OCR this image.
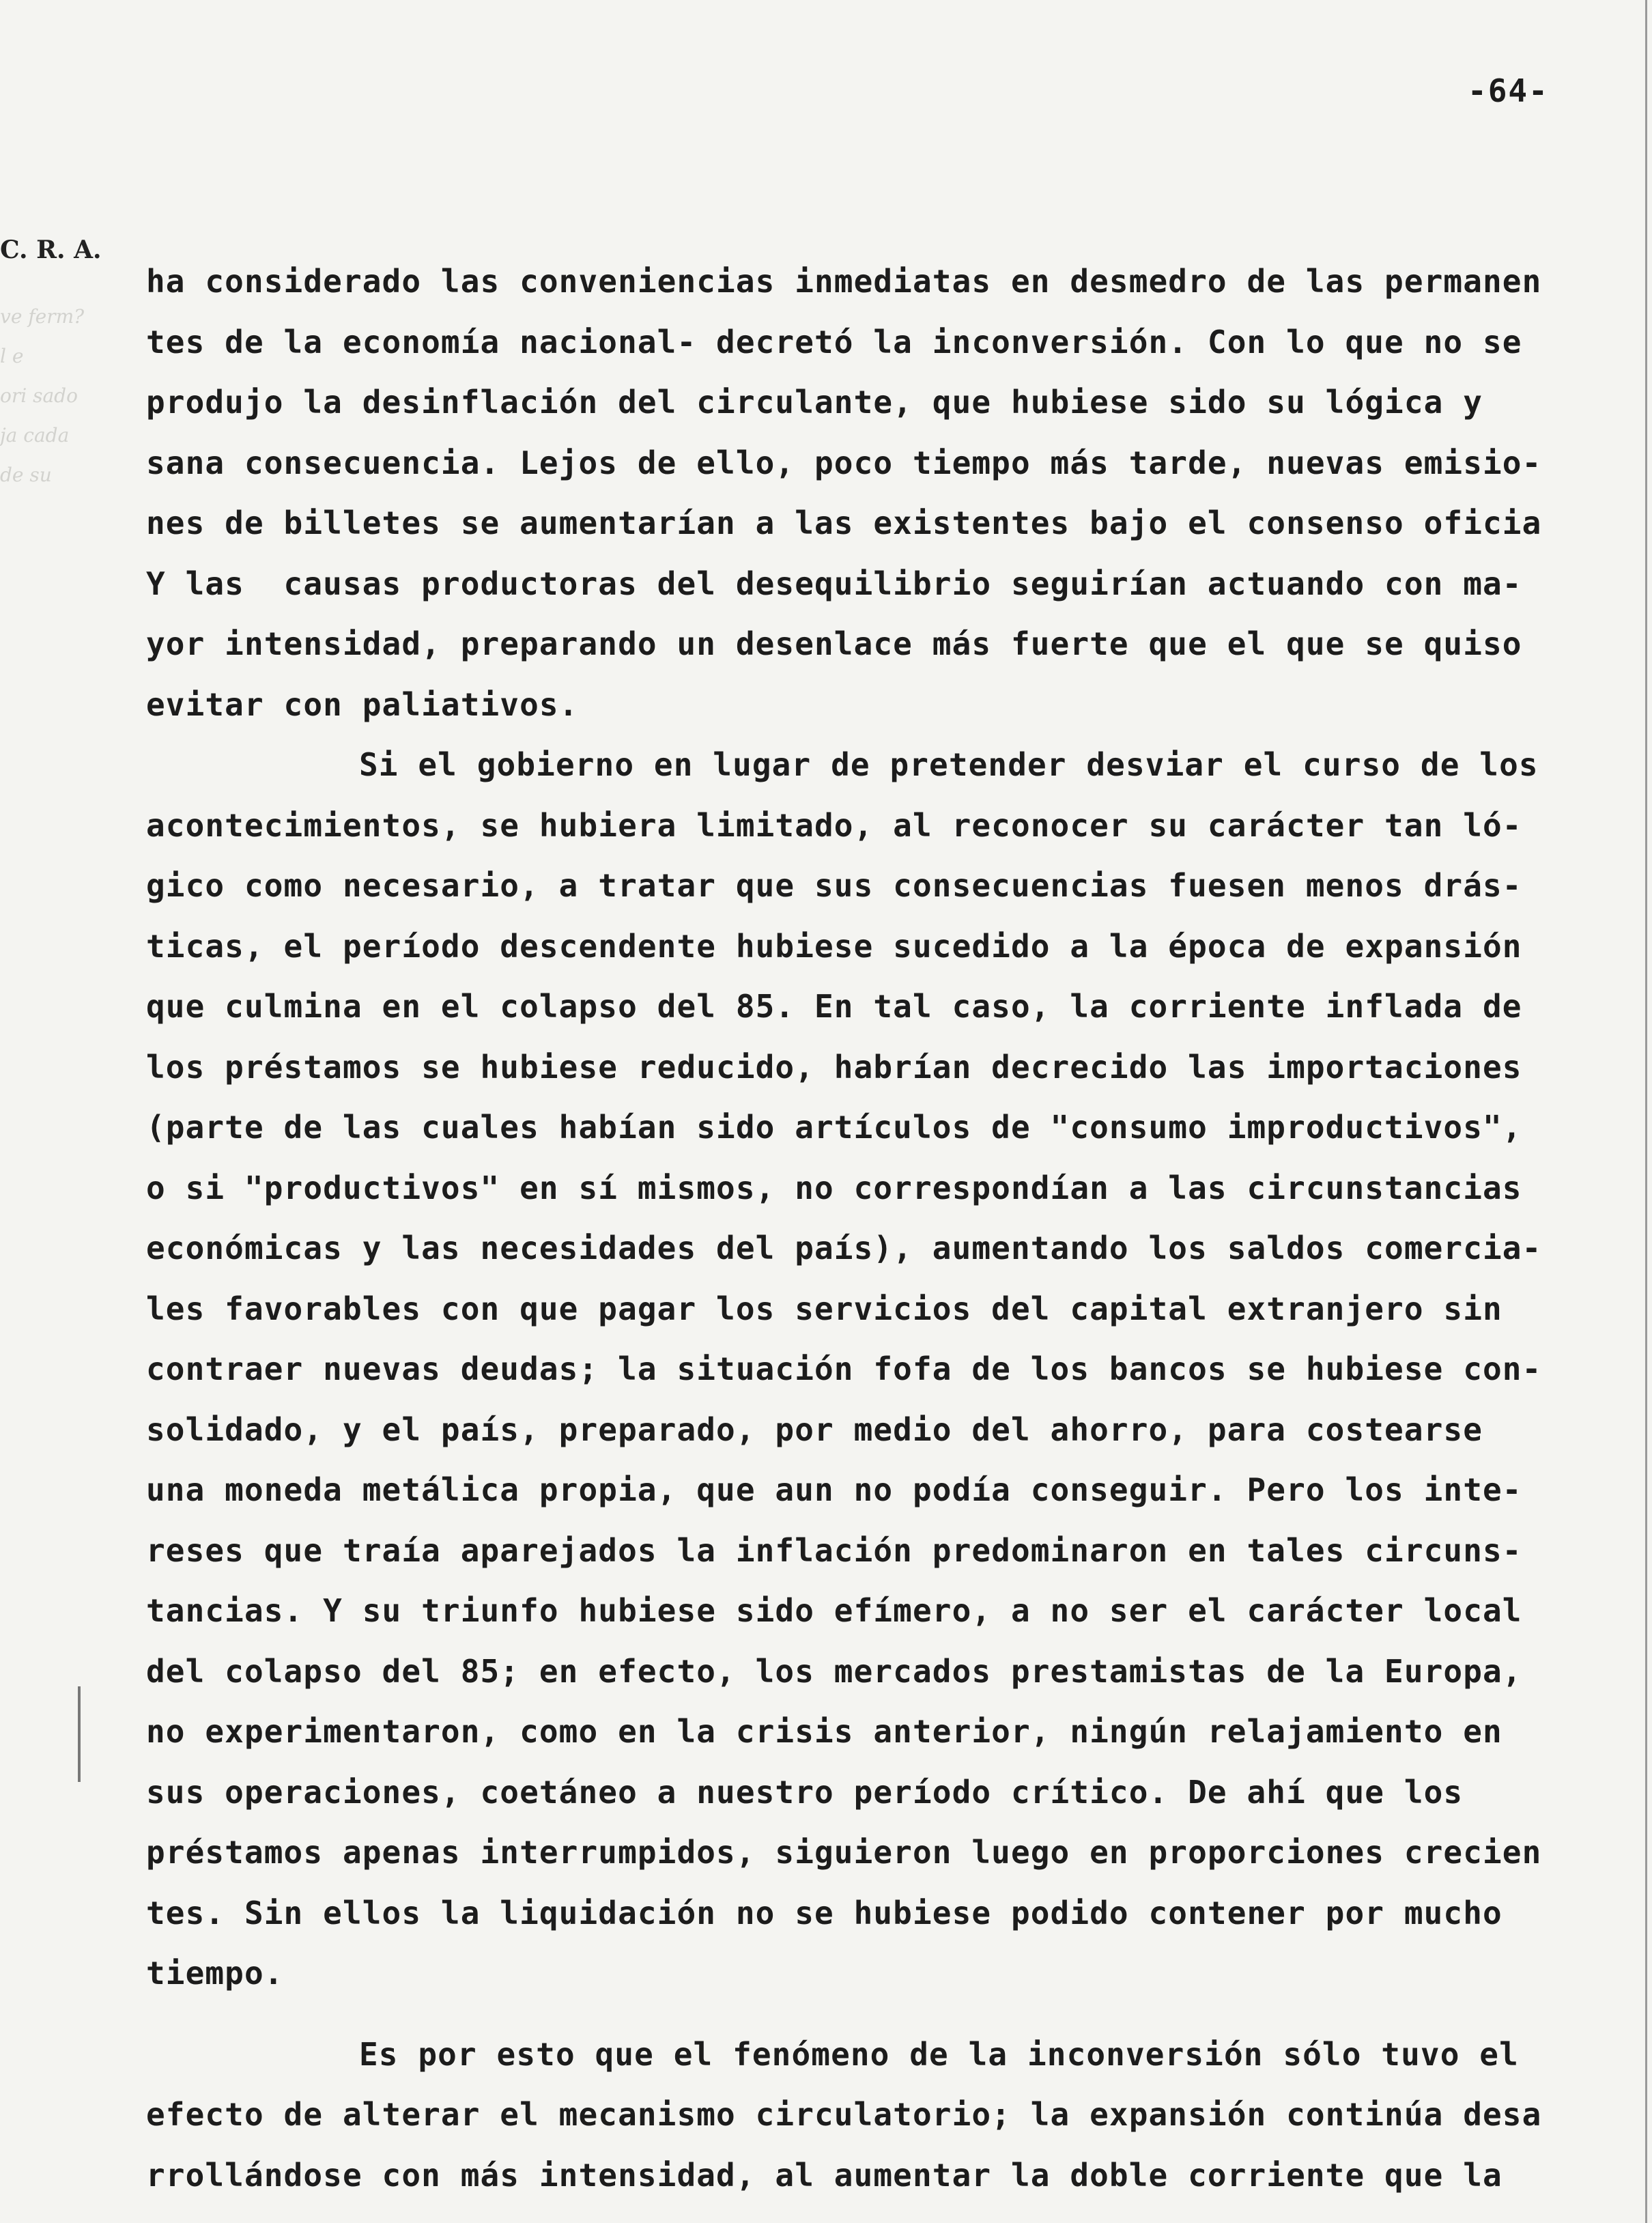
-64-
C. R. A.
ve ferm?
l e
ori sado
ja cada
de su
ha considerado las conveniencias inmediatas en desmedro de las permanen
tes de la economía nacional- decretó la inconversión. Con lo que no se
produjo la desinflación del circulante, que hubiese sido su lógica y
sana consecuencia. Lejos de ello, poco tiempo más tarde, nuevas emisio-
nes de billetes se aumentarían a las existentes bajo el consenso oficia
Y las  causas productoras del desequilibrio seguirían actuando con ma-
yor intensidad, preparando un desenlace más fuerte que el que se quiso
evitar con paliativos.
Si el gobierno en lugar de pretender desviar el curso de los
acontecimientos, se hubiera limitado, al reconocer su carácter tan ló-
gico como necesario, a tratar que sus consecuencias fuesen menos drás-
ticas, el período descendente hubiese sucedido a la época de expansión
que culmina en el colapso del 85. En tal caso, la corriente inflada de
los préstamos se hubiese reducido, habrían decrecido las importaciones
(parte de las cuales habían sido artículos de "consumo improductivos",
o si "productivos" en sí mismos, no correspondían a las circunstancias
económicas y las necesidades del país), aumentando los saldos comercia-
les favorables con que pagar los servicios del capital extranjero sin
contraer nuevas deudas; la situación fofa de los bancos se hubiese con-
solidado, y el país, preparado, por medio del ahorro, para costearse
una moneda metálica propia, que aun no podía conseguir. Pero los inte-
reses que traía aparejados la inflación predominaron en tales circuns-
tancias. Y su triunfo hubiese sido efímero, a no ser el carácter local
del colapso del 85; en efecto, los mercados prestamistas de la Europa,
no experimentaron, como en la crisis anterior, ningún relajamiento en
sus operaciones, coetáneo a nuestro período crítico. De ahí que los
préstamos apenas interrumpidos, siguieron luego en proporciones crecien
tes. Sin ellos la liquidación no se hubiese podido contener por mucho
tiempo.
Es por esto que el fenómeno de la inconversión sólo tuvo el
efecto de alterar el mecanismo circulatorio; la expansión continúa desa
rrollándose con más intensidad, al aumentar la doble corriente que la
